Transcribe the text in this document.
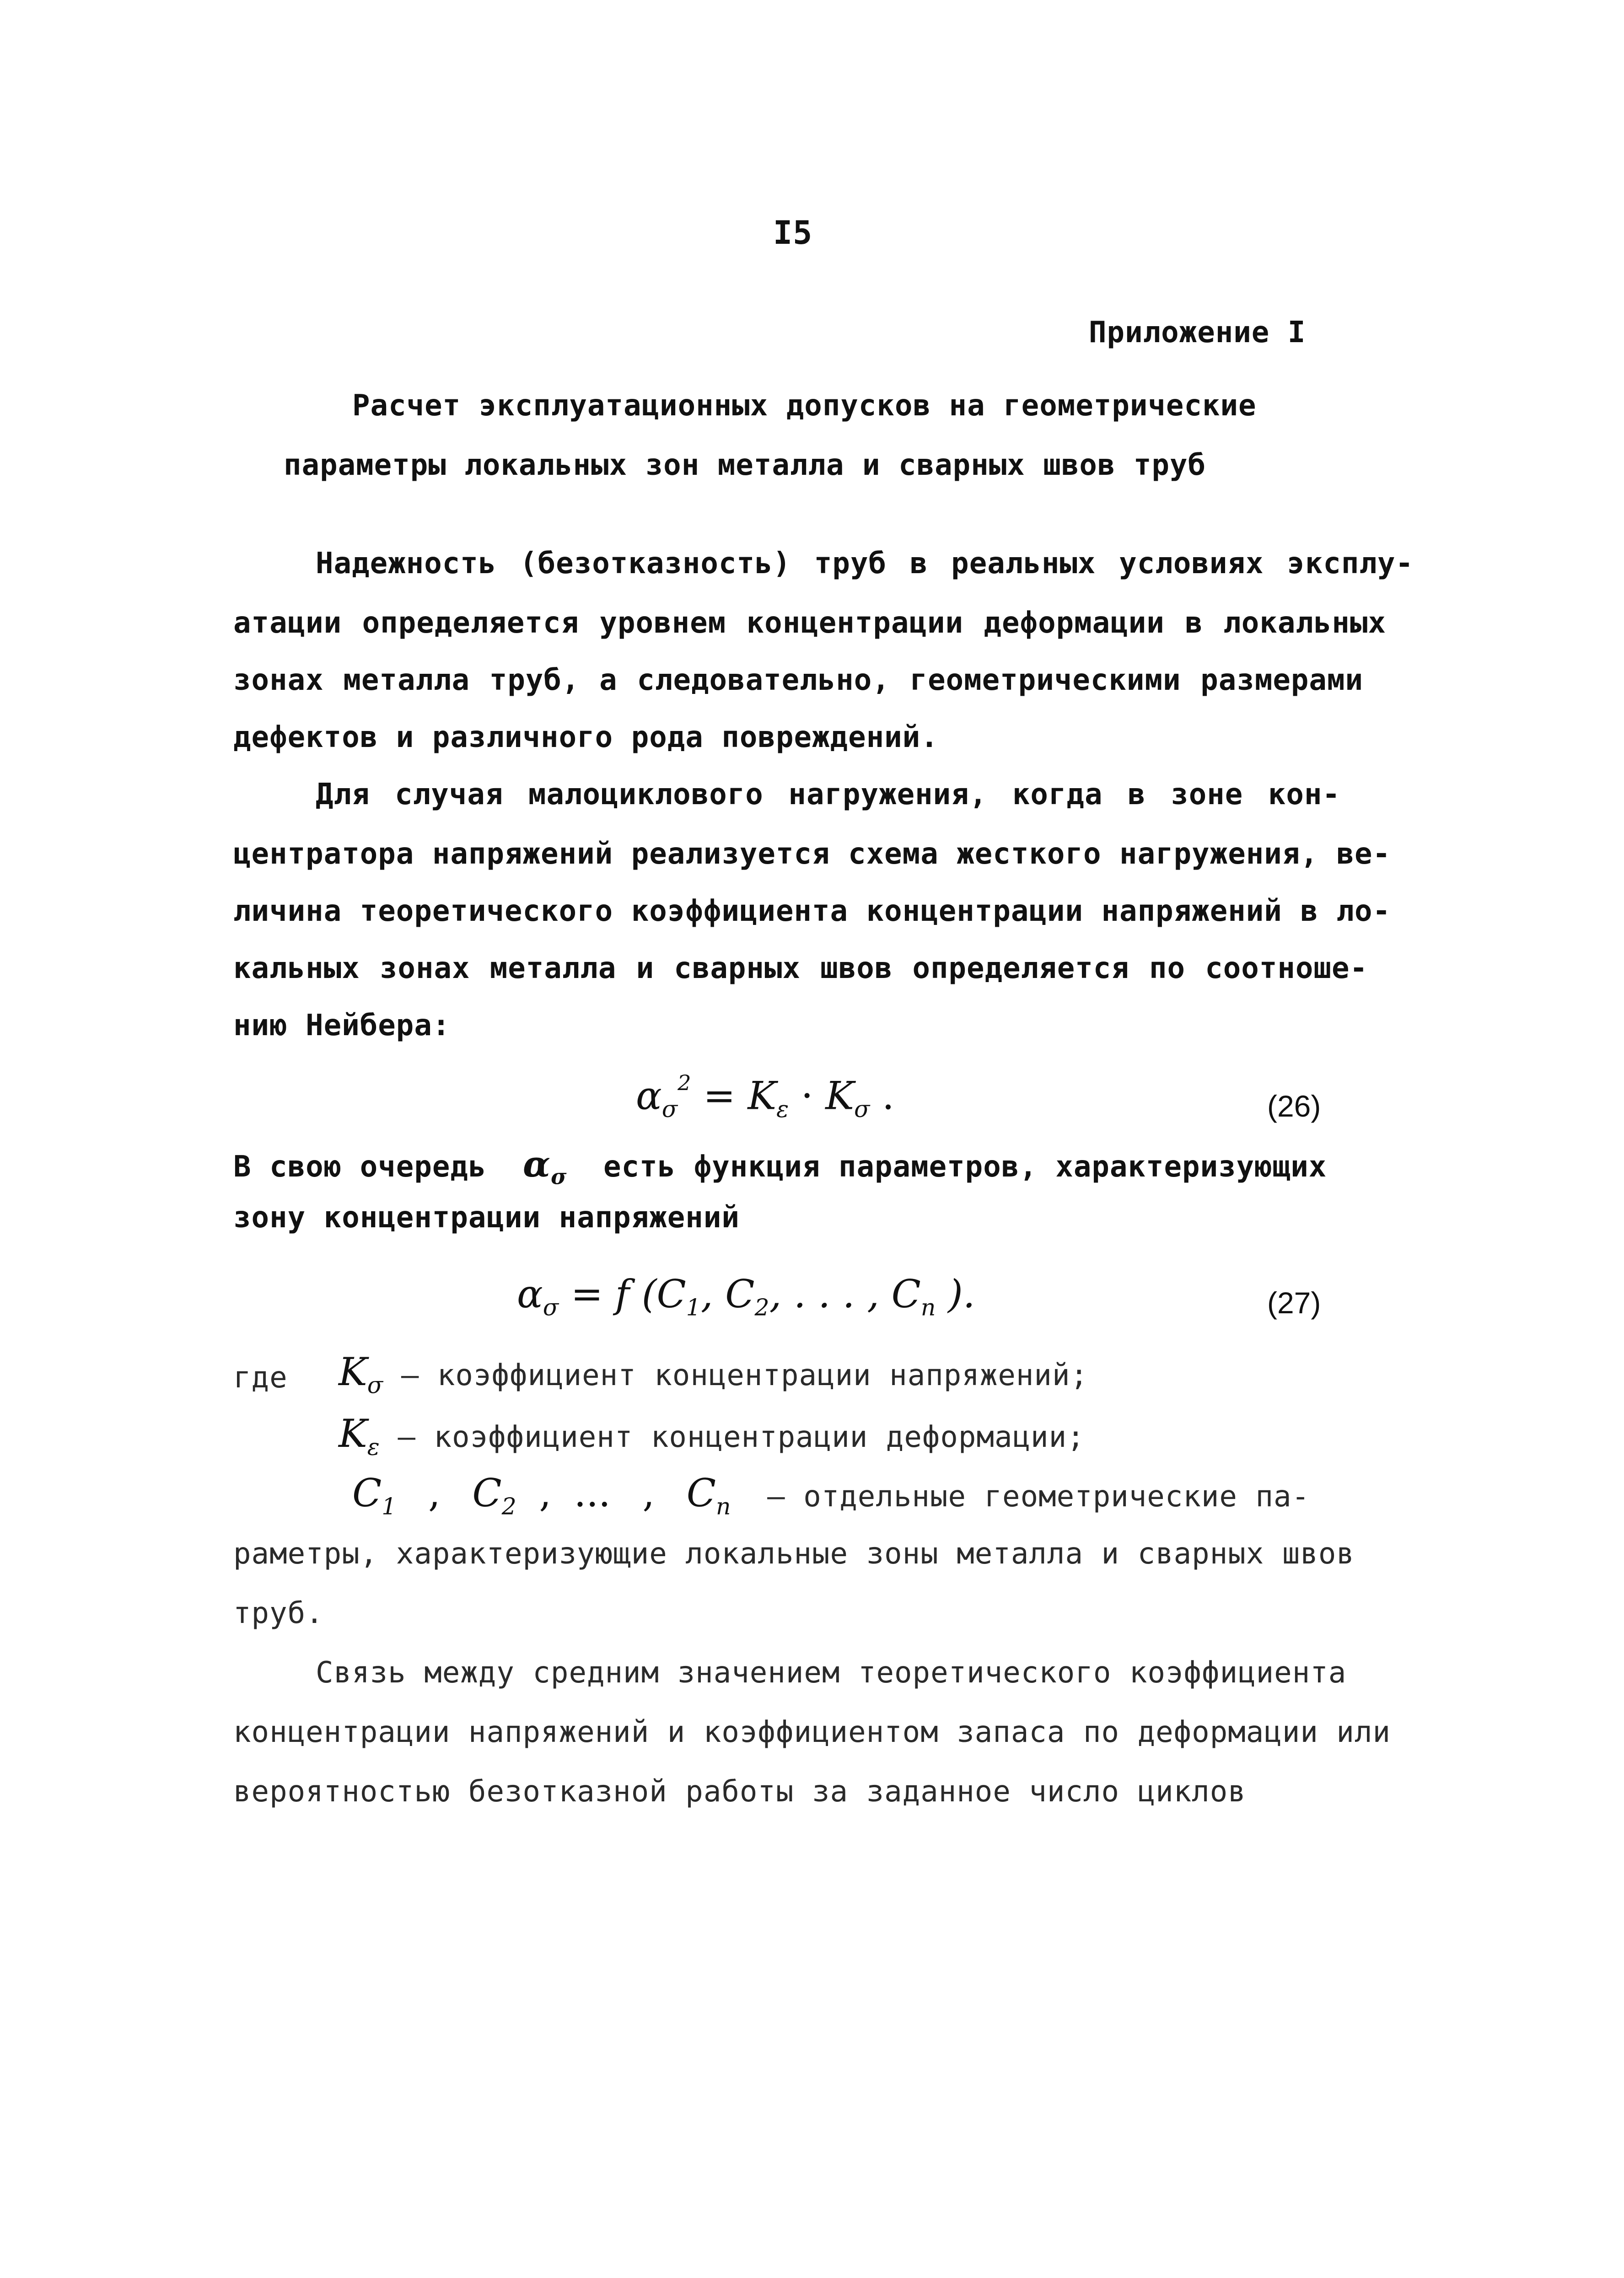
I5
Приложение I
Расчет эксплуатационных допусков на геометрические
параметры локальных зон металла и сварных швов труб
Надежность (безотказность) труб в реальных условиях эксплу-
атации определяется уровнем концентрации деформации в локальных
зонах металла труб, а следовательно, геометрическими размерами
дефектов и различного рода повреждений.
Для случая малоциклового нагружения, когда в зоне кон-
центратора напряжений реализуется схема жесткого нагружения, ве-
личина теоретического коэффициента концентрации напряжений в ло-
кальных зонах металла и сварных швов определяется по соотноше-
нию Нейбера:
$\alpha_\sigma^2 = K_\varepsilon \cdot K_\sigma$ .	(26)
В свою очередь $\alpha_\sigma$ есть функция параметров, характеризующих
зону концентрации напряжений
$\alpha_\sigma = f$ ($C_1$, $C_2$, . . . , $C_n$ ).	(27)
где $K_\sigma$ – коэффициент концентрации напряжений;
$K_\varepsilon$ – коэффициент концентрации деформации;
$C_1$ , $C_2$ , ... , $C_n$ – отдельные геометрические па-
раметры, характеризующие локальные зоны металла и сварных швов
труб.
Связь между средним значением теоретического коэффициента
концентрации напряжений и коэффициентом запаса по деформации или
вероятностью безотказной работы за заданное число циклов
